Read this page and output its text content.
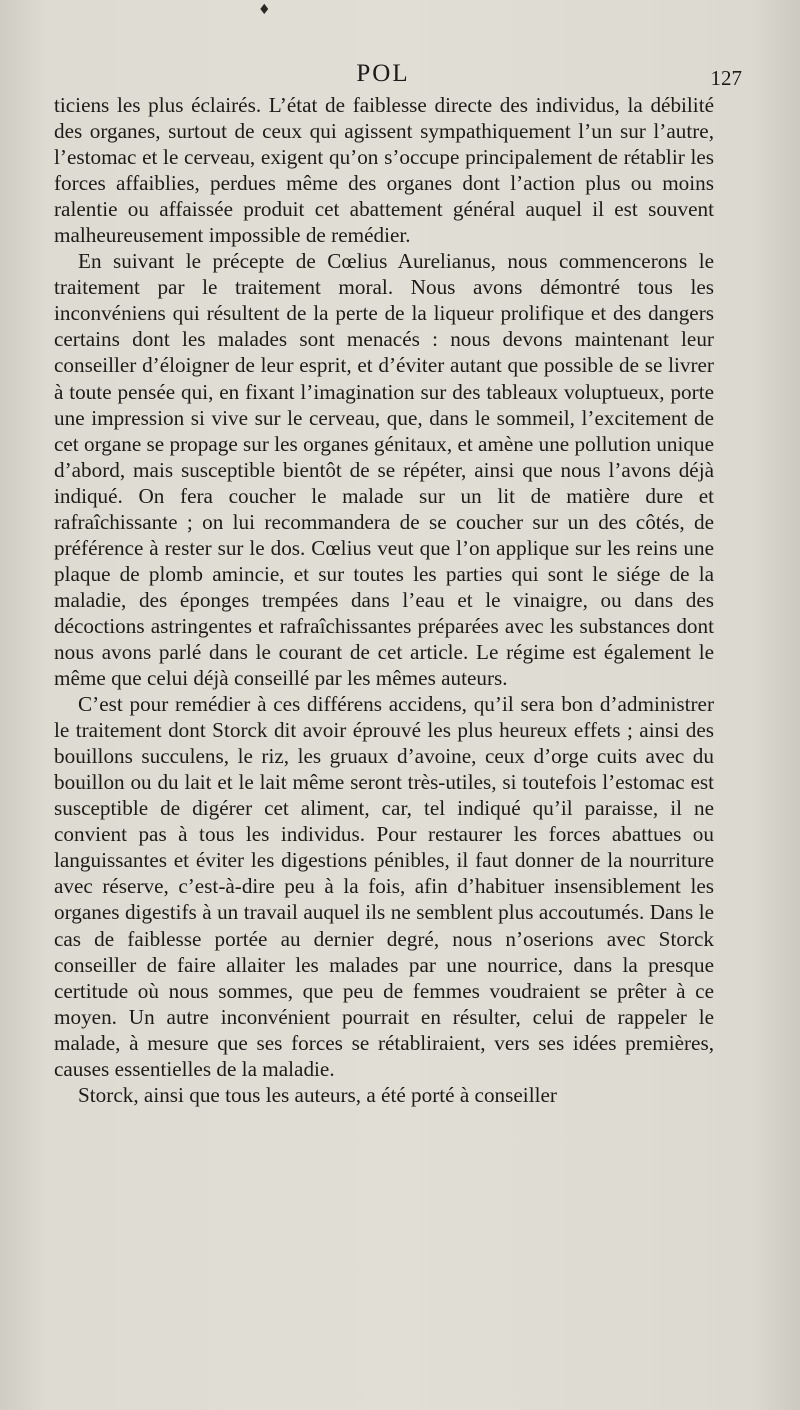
♦
POL	127

ticiens les plus éclairés. L’état de faiblesse directe des individus, la débilité des organes, surtout de ceux qui agissent sympathiquement l’un sur l’autre, l’estomac et le cerveau, exigent qu’on s’occupe principalement de rétablir les forces affaiblies, perdues même des organes dont l’action plus ou moins ralentie ou affaissée produit cet abattement général auquel il est souvent malheureusement impossible de remédier.

En suivant le précepte de Cœlius Aurelianus, nous commencerons le traitement par le traitement moral. Nous avons démontré tous les inconvéniens qui résultent de la perte de la liqueur prolifique et des dangers certains dont les malades sont menacés : nous devons maintenant leur conseiller d’éloigner de leur esprit, et d’éviter autant que possible de se livrer à toute pensée qui, en fixant l’imagination sur des tableaux voluptueux, porte une impression si vive sur le cerveau, que, dans le sommeil, l’excitement de cet organe se propage sur les organes génitaux, et amène une pollution unique d’abord, mais susceptible bientôt de se répéter, ainsi que nous l’avons déjà indiqué. On fera coucher le malade sur un lit de matière dure et rafraîchissante ; on lui recommandera de se coucher sur un des côtés, de préférence à rester sur le dos. Cœlius veut que l’on applique sur les reins une plaque de plomb amincie, et sur toutes les parties qui sont le siége de la maladie, des éponges trempées dans l’eau et le vinaigre, ou dans des décoctions astringentes et rafraîchissantes préparées avec les substances dont nous avons parlé dans le courant de cet article. Le régime est également le même que celui déjà conseillé par les mêmes auteurs.

C’est pour remédier à ces différens accidens, qu’il sera bon d’administrer le traitement dont Storck dit avoir éprouvé les plus heureux effets ; ainsi des bouillons succulens, le riz, les gruaux d’avoine, ceux d’orge cuits avec du bouillon ou du lait et le lait même seront très-utiles, si toutefois l’estomac est susceptible de digérer cet aliment, car, tel indiqué qu’il paraisse, il ne convient pas à tous les individus. Pour restaurer les forces abattues ou languissantes et éviter les digestions pénibles, il faut donner de la nourriture avec réserve, c’est-à-dire peu à la fois, afin d’habituer insensiblement les organes digestifs à un travail auquel ils ne semblent plus accoutumés. Dans le cas de faiblesse portée au dernier degré, nous n’oserions avec Storck conseiller de faire allaiter les malades par une nourrice, dans la presque certitude où nous sommes, que peu de femmes voudraient se prêter à ce moyen. Un autre inconvénient pourrait en résulter, celui de rappeler le malade, à mesure que ses forces se rétabliraient, vers ses idées premières, causes essentielles de la maladie.

Storck, ainsi que tous les auteurs, a été porté à conseiller
